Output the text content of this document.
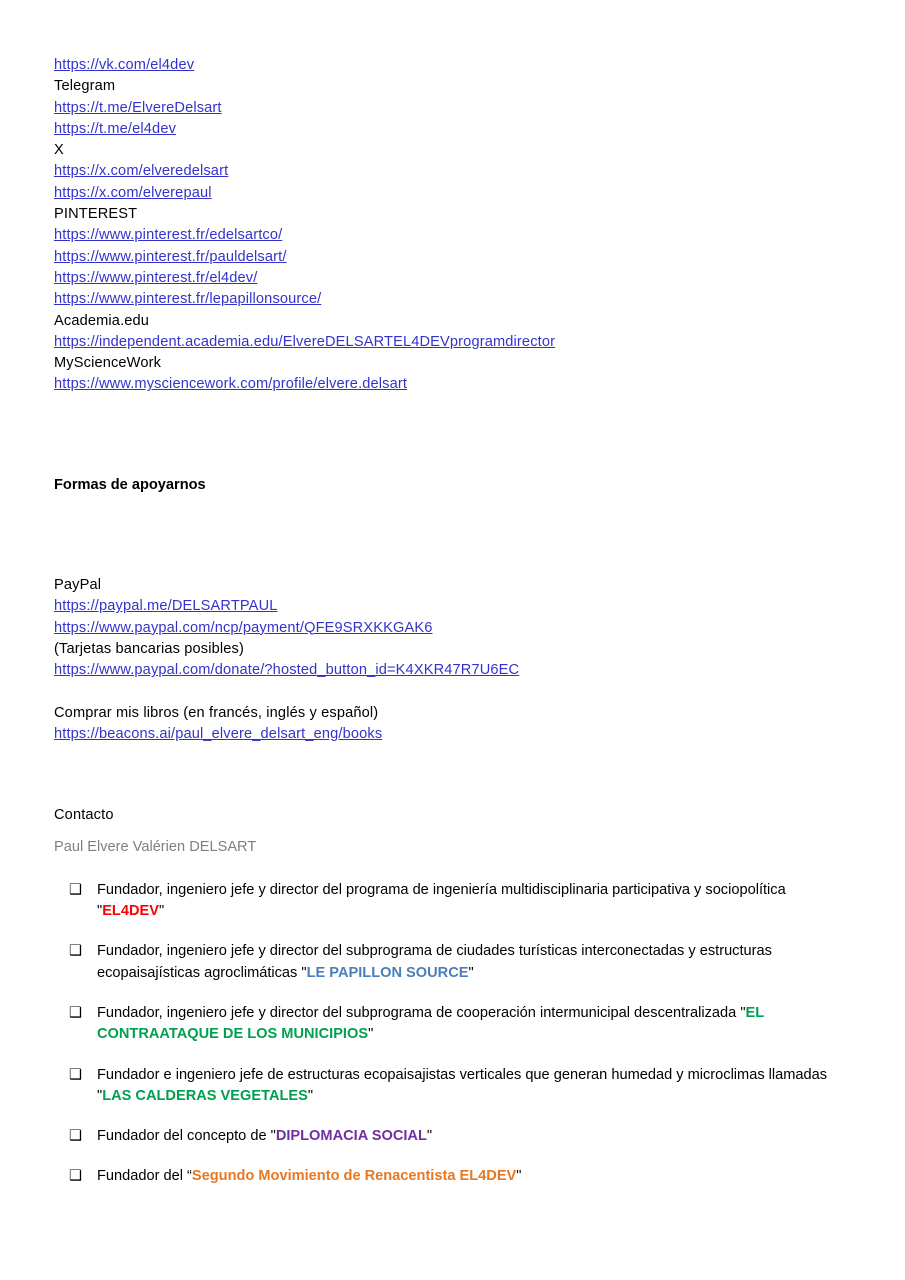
https://vk.com/el4dev
Telegram
https://t.me/ElvereDelsart
https://t.me/el4dev
X
https://x.com/elveredelsart
https://x.com/elverepaul
PINTEREST
https://www.pinterest.fr/edelsartco/
https://www.pinterest.fr/pauldelsart/
https://www.pinterest.fr/el4dev/
https://www.pinterest.fr/lepapillonsource/
Academia.edu
https://independent.academia.edu/ElvereDELSARTEL4DEVprogramdirector
MyScienceWork
https://www.mysciencework.com/profile/elvere.delsart
Formas de apoyarnos
PayPal
https://paypal.me/DELSARTPAUL
https://www.paypal.com/ncp/payment/QFE9SRXKKGAK6
(Tarjetas bancarias posibles)
https://www.paypal.com/donate/?hosted_button_id=K4XKR47R7U6EC
Comprar mis libros (en francés, inglés y español)
https://beacons.ai/paul_elvere_delsart_eng/books
Contacto
Paul Elvere Valérien DELSART
❑ Fundador, ingeniero jefe y director del programa de ingeniería multidisciplinaria participativa y sociopolítica "EL4DEV"
❑ Fundador, ingeniero jefe y director del subprograma de ciudades turísticas interconectadas y estructuras ecopaisajísticas agroclimáticas "LE PAPILLON SOURCE"
❑ Fundador, ingeniero jefe y director del subprograma de cooperación intermunicipal descentralizada "EL CONTRAATAQUE DE LOS MUNICIPIOS"
❑ Fundador e ingeniero jefe de estructuras ecopaisajistas verticales que generan humedad y microclimas llamadas "LAS CALDERAS VEGETALES"
❑ Fundador del concepto de "DIPLOMACIA SOCIAL"
❑ Fundador del “Segundo Movimiento de Renacentista EL4DEV"
